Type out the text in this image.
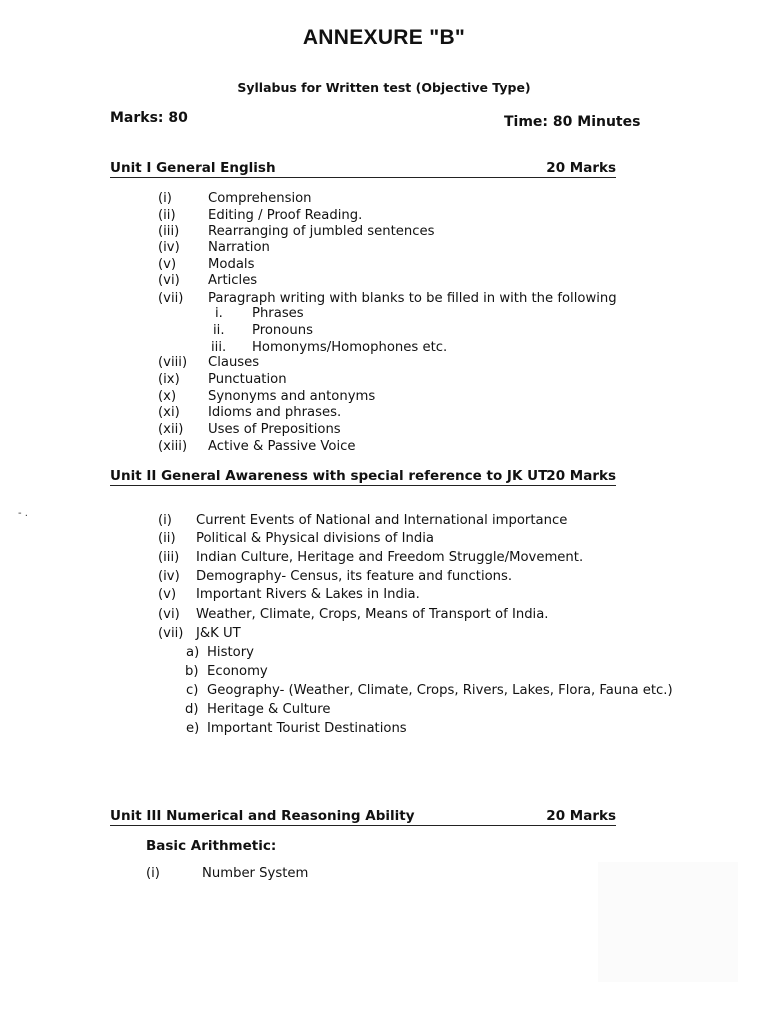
ANNEXURE "B"
Syllabus for Written test (Objective Type)
Marks: 80	Time: 80 Minutes
Unit I General English	20 Marks
(i)	Comprehension
(ii) Editing / Proof Reading.
(iii) Rearranging of jumbled sentences
(iv) Narration
(v) Modals
(vi) Articles
(vii) Paragraph writing with blanks to be filled in with the following
i. Phrases
ii. Pronouns
iii. Homonyms/Homophones etc.
(viii) Clauses
(ix) Punctuation
(x) Synonyms and antonyms
(xi) Idioms and phrases.
(xii) Uses of Prepositions
(xiii) Active & Passive Voice
Unit II General Awareness with special reference to JK UT 20 Marks
- .	(i) Current Events of National and International importance
(ii) Political & Physical divisions of India
(iii) Indian Culture, Heritage and Freedom Struggle/Movement.
(iv) Demography- Census, its feature and functions.
(v) Important Rivers & Lakes in India.
(vi) Weather, Climate, Crops, Means of Transport of India.
(vii) J&K UT
a) History
b) Economy
c) Geography- (Weather, Climate, Crops, Rivers, Lakes, Flora, Fauna etc.)
d) Heritage & Culture
e) Important Tourist Destinations
Unit III Numerical and Reasoning Ability	20 Marks
Basic Arithmetic:
(i)	Number System
